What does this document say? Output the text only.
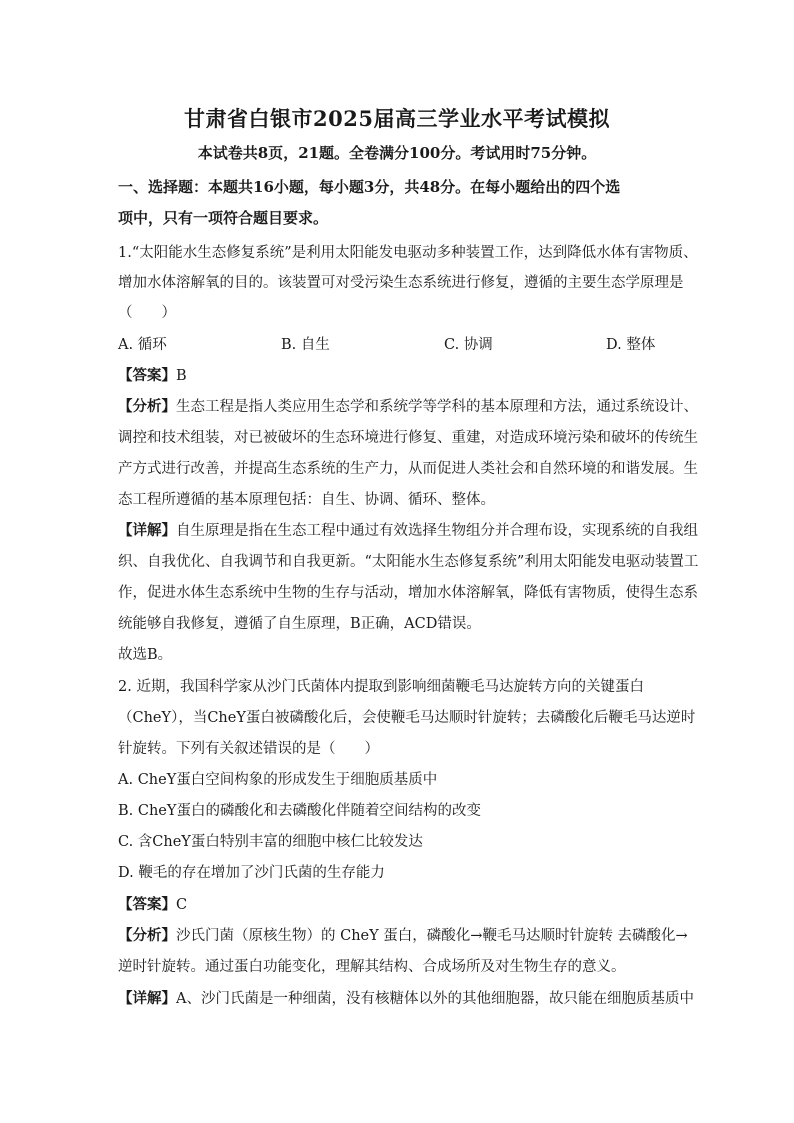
甘肃省白银市2025届高三学业水平考试模拟
本试卷共8页，21题。全卷满分100分。考试用时75分钟。
一、选择题：本题共16小题，每小题3分，共48分。在每小题给出的四个选
项中，只有一项符合题目要求。
1.“太阳能水生态修复系统”是利用太阳能发电驱动多种装置工作，达到降低水体有害物质、
增加水体溶解氧的目的。该装置可对受污染生态系统进行修复，遵循的主要生态学原理是
（　　）
A. 循环	B. 自生	C. 协调	D. 整体
【答案】B
【分析】生态工程是指人类应用生态学和系统学等学科的基本原理和方法，通过系统设计、
调控和技术组装，对已被破坏的生态环境进行修复、重建，对造成环境污染和破坏的传统生
产方式进行改善，并提高生态系统的生产力，从而促进人类社会和自然环境的和谐发展。生
态工程所遵循的基本原理包括：自生、协调、循环、整体。
【详解】自生原理是指在生态工程中通过有效选择生物组分并合理布设，实现系统的自我组
织、自我优化、自我调节和自我更新。“太阳能水生态修复系统”利用太阳能发电驱动装置工
作，促进水体生态系统中生物的生存与活动，增加水体溶解氧，降低有害物质，使得生态系
统能够自我修复，遵循了自生原理，B正确，ACD错误。
故选B。
2. 近期，我国科学家从沙门氏菌体内提取到影响细菌鞭毛马达旋转方向的关键蛋白
（CheY），当CheY蛋白被磷酸化后，会使鞭毛马达顺时针旋转；去磷酸化后鞭毛马达逆时
针旋转。下列有关叙述错误的是（　　）
A. CheY蛋白空间构象的形成发生于细胞质基质中
B. CheY蛋白的磷酸化和去磷酸化伴随着空间结构的改变
C. 含CheY蛋白特别丰富的细胞中核仁比较发达
D. 鞭毛的存在增加了沙门氏菌的生存能力
【答案】C
【分析】沙氏门菌（原核生物）的 CheY 蛋白，磷酸化→鞭毛马达顺时针旋转 去磷酸化→
逆时针旋转。通过蛋白功能变化，理解其结构、合成场所及对生物生存的意义。
【详解】A、沙门氏菌是一种细菌，没有核糖体以外的其他细胞器，故只能在细胞质基质中
